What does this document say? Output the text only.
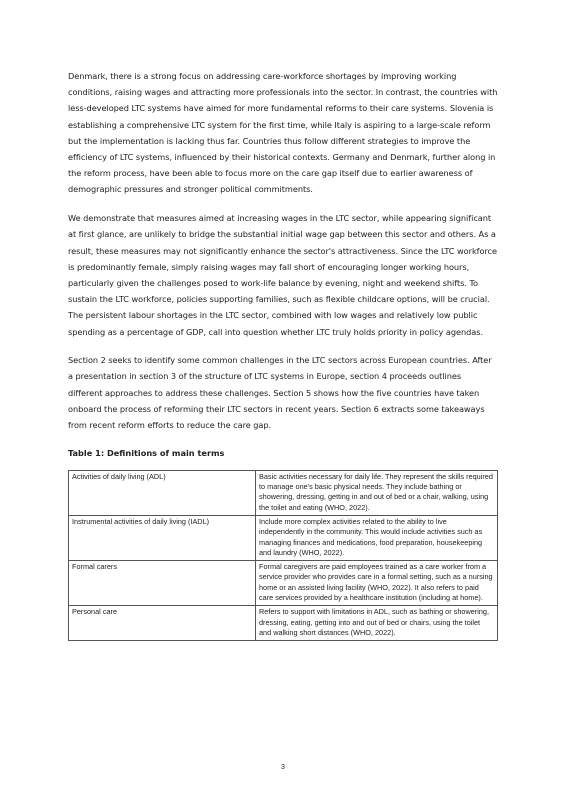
Denmark, there is a strong focus on addressing care-workforce shortages by improving working conditions, raising wages and attracting more professionals into the sector. In contrast, the countries with less-developed LTC systems have aimed for more fundamental reforms to their care systems. Slovenia is establishing a comprehensive LTC system for the first time, while Italy is aspiring to a large-scale reform but the implementation is lacking thus far. Countries thus follow different strategies to improve the efficiency of LTC systems, influenced by their historical contexts. Germany and Denmark, further along in the reform process, have been able to focus more on the care gap itself due to earlier awareness of demographic pressures and stronger political commitments.

We demonstrate that measures aimed at increasing wages in the LTC sector, while appearing significant at first glance, are unlikely to bridge the substantial initial wage gap between this sector and others. As a result, these measures may not significantly enhance the sector's attractiveness. Since the LTC workforce is predominantly female, simply raising wages may fall short of encouraging longer working hours, particularly given the challenges posed to work-life balance by evening, night and weekend shifts. To sustain the LTC workforce, policies supporting families, such as flexible childcare options, will be crucial. The persistent labour shortages in the LTC sector, combined with low wages and relatively low public spending as a percentage of GDP, call into question whether LTC truly holds priority in policy agendas.

Section 2 seeks to identify some common challenges in the LTC sectors across European countries. After a presentation in section 3 of the structure of LTC systems in Europe, section 4 proceeds outlines different approaches to address these challenges. Section 5 shows how the five countries have taken onboard the process of reforming their LTC sectors in recent years. Section 6 extracts some takeaways from recent reform efforts to reduce the care gap.

Table 1: Definitions of main terms
Activities of daily living (ADL)	Basic activities necessary for daily life. They represent the skills required to manage one's basic physical needs. They include bathing or showering, dressing, getting in and out of bed or a chair, walking, using the toilet and eating (WHO, 2022).
Instrumental activities of daily living (IADL)	Include more complex activities related to the ability to live independently in the community. This would include activities such as managing finances and medications, food preparation, housekeeping and laundry (WHO, 2022).
Formal carers	Formal caregivers are paid employees trained as a care worker from a service provider who provides care in a formal setting, such as a nursing home or an assisted living facility (WHO, 2022). It also refers to paid care services provided by a healthcare institution (including at home).
Personal care	Refers to support with limitations in ADL, such as bathing or showering, dressing, eating, getting into and out of bed or chairs, using the toilet and walking short distances (WHO, 2022).
3
